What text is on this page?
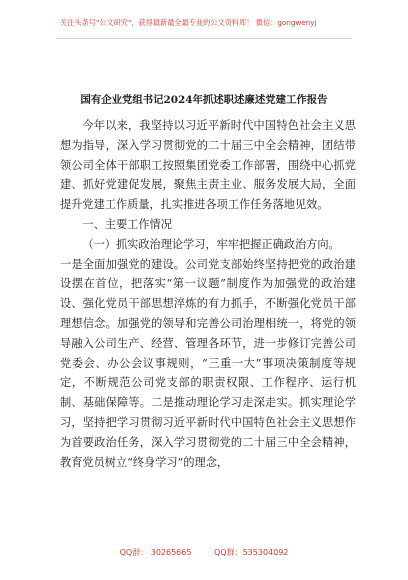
关注头条号"公文研究"，获得最新最全最专业的公文资料库！ 微信：gongwenyj
国有企业党组书记2024年抓述职述廉述党建工作报告

今年以来，我坚持以习近平新时代中国特色社会主义思想为指导，深入学习贯彻党的二十届三中全会精神，团结带领公司全体干部职工按照集团党委工作部署，围绕中心抓党建、抓好党建促发展，聚焦主责主业、服务发展大局，全面提升党建工作质量，扎实推进各项工作任务落地见效。

一、主要工作情况

（一）抓实政治理论学习，牢牢把握正确政治方向。

一是全面加强党的建设。公司党支部始终坚持把党的政治建设摆在首位，把落实“第一议题”制度作为加强党的政治建设、强化党员干部思想淬炼的有力抓手，不断强化党员干部理想信念。加强党的领导和完善公司治理相统一，将党的领导融入公司生产、经营、管理各环节，进一步修订完善公司党委会、办公会议事规则，“三重一大”事项决策制度等规定，不断规范公司党支部的职责权限、工作程序、运行机制、基础保障等。二是推动理论学习走深走实。抓实理论学习，坚持把学习贯彻习近平新时代中国特色社会主义思想作为首要政治任务，深入学习贯彻党的二十届三中全会精神，教育党员树立“终身学习”的理念，

QQ群： 30265665	QQ群：535304092
